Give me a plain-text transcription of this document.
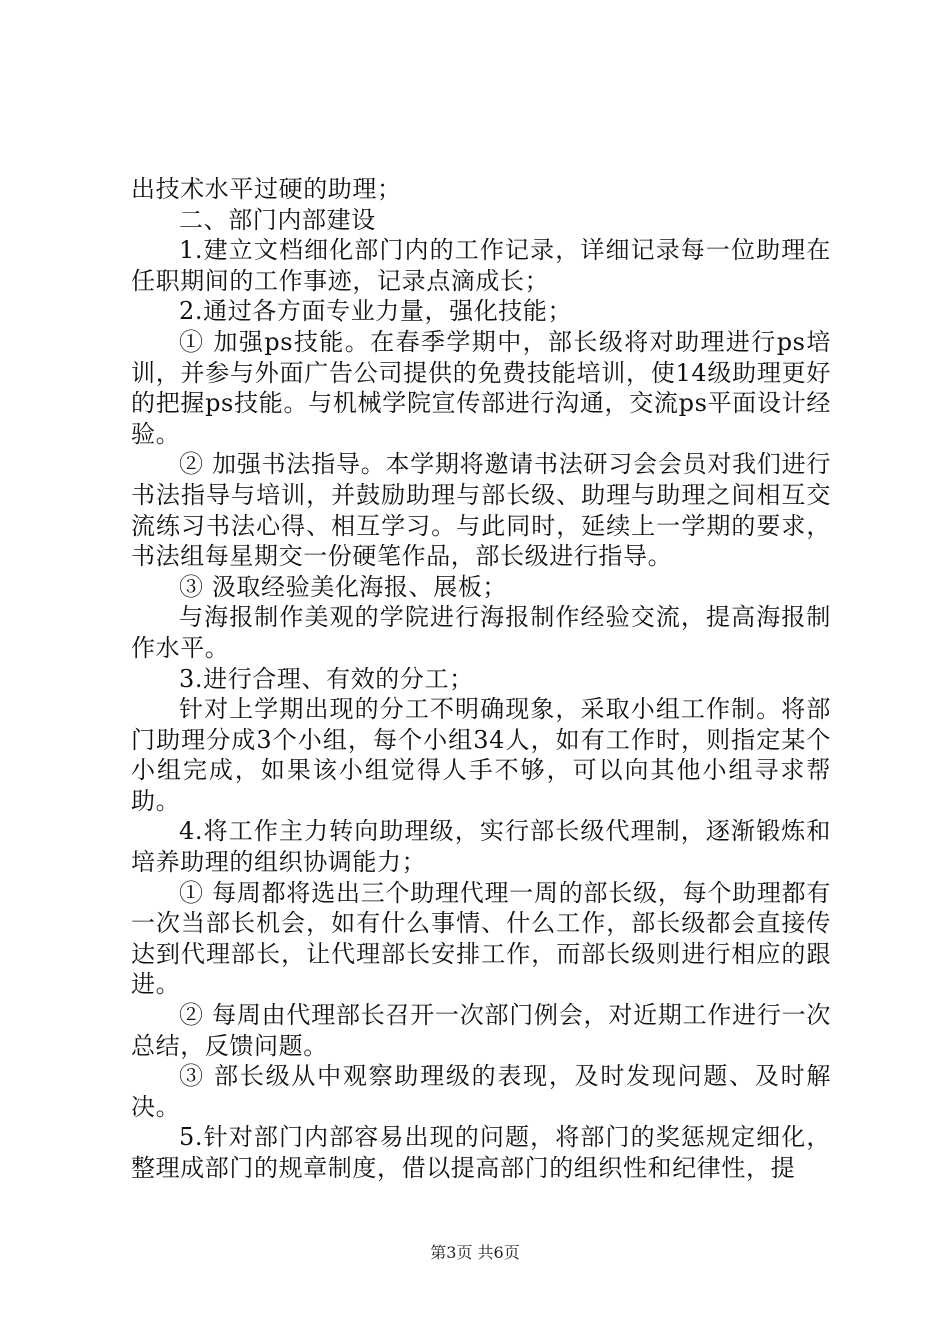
出技术水平过硬的助理；

二、部门内部建设

1.建立文档细化部门内的工作记录，详细记录每一位助理在任职期间的工作事迹，记录点滴成长；

2.通过各方面专业力量，强化技能；

① 加强ps技能。在春季学期中，部长级将对助理进行ps培训，并参与外面广告公司提供的免费技能培训，使14级助理更好的把握ps技能。与机械学院宣传部进行沟通，交流ps平面设计经验。

② 加强书法指导。本学期将邀请书法研习会会员对我们进行书法指导与培训，并鼓励助理与部长级、助理与助理之间相互交流练习书法心得、相互学习。与此同时，延续上一学期的要求，书法组每星期交一份硬笔作品，部长级进行指导。

③ 汲取经验美化海报、展板；

与海报制作美观的学院进行海报制作经验交流，提高海报制作水平。

3.进行合理、有效的分工；

针对上学期出现的分工不明确现象，采取小组工作制。将部门助理分成3个小组，每个小组34人，如有工作时，则指定某个小组完成，如果该小组觉得人手不够，可以向其他小组寻求帮助。

4.将工作主力转向助理级，实行部长级代理制，逐渐锻炼和培养助理的组织协调能力；

① 每周都将选出三个助理代理一周的部长级，每个助理都有一次当部长机会，如有什么事情、什么工作，部长级都会直接传达到代理部长，让代理部长安排工作，而部长级则进行相应的跟进。

② 每周由代理部长召开一次部门例会，对近期工作进行一次总结，反馈问题。

③ 部长级从中观察助理级的表现，及时发现问题、及时解决。

5.针对部门内部容易出现的问题，将部门的奖惩规定细化，整理成部门的规章制度，借以提高部门的组织性和纪律性，提

第3页 共6页
